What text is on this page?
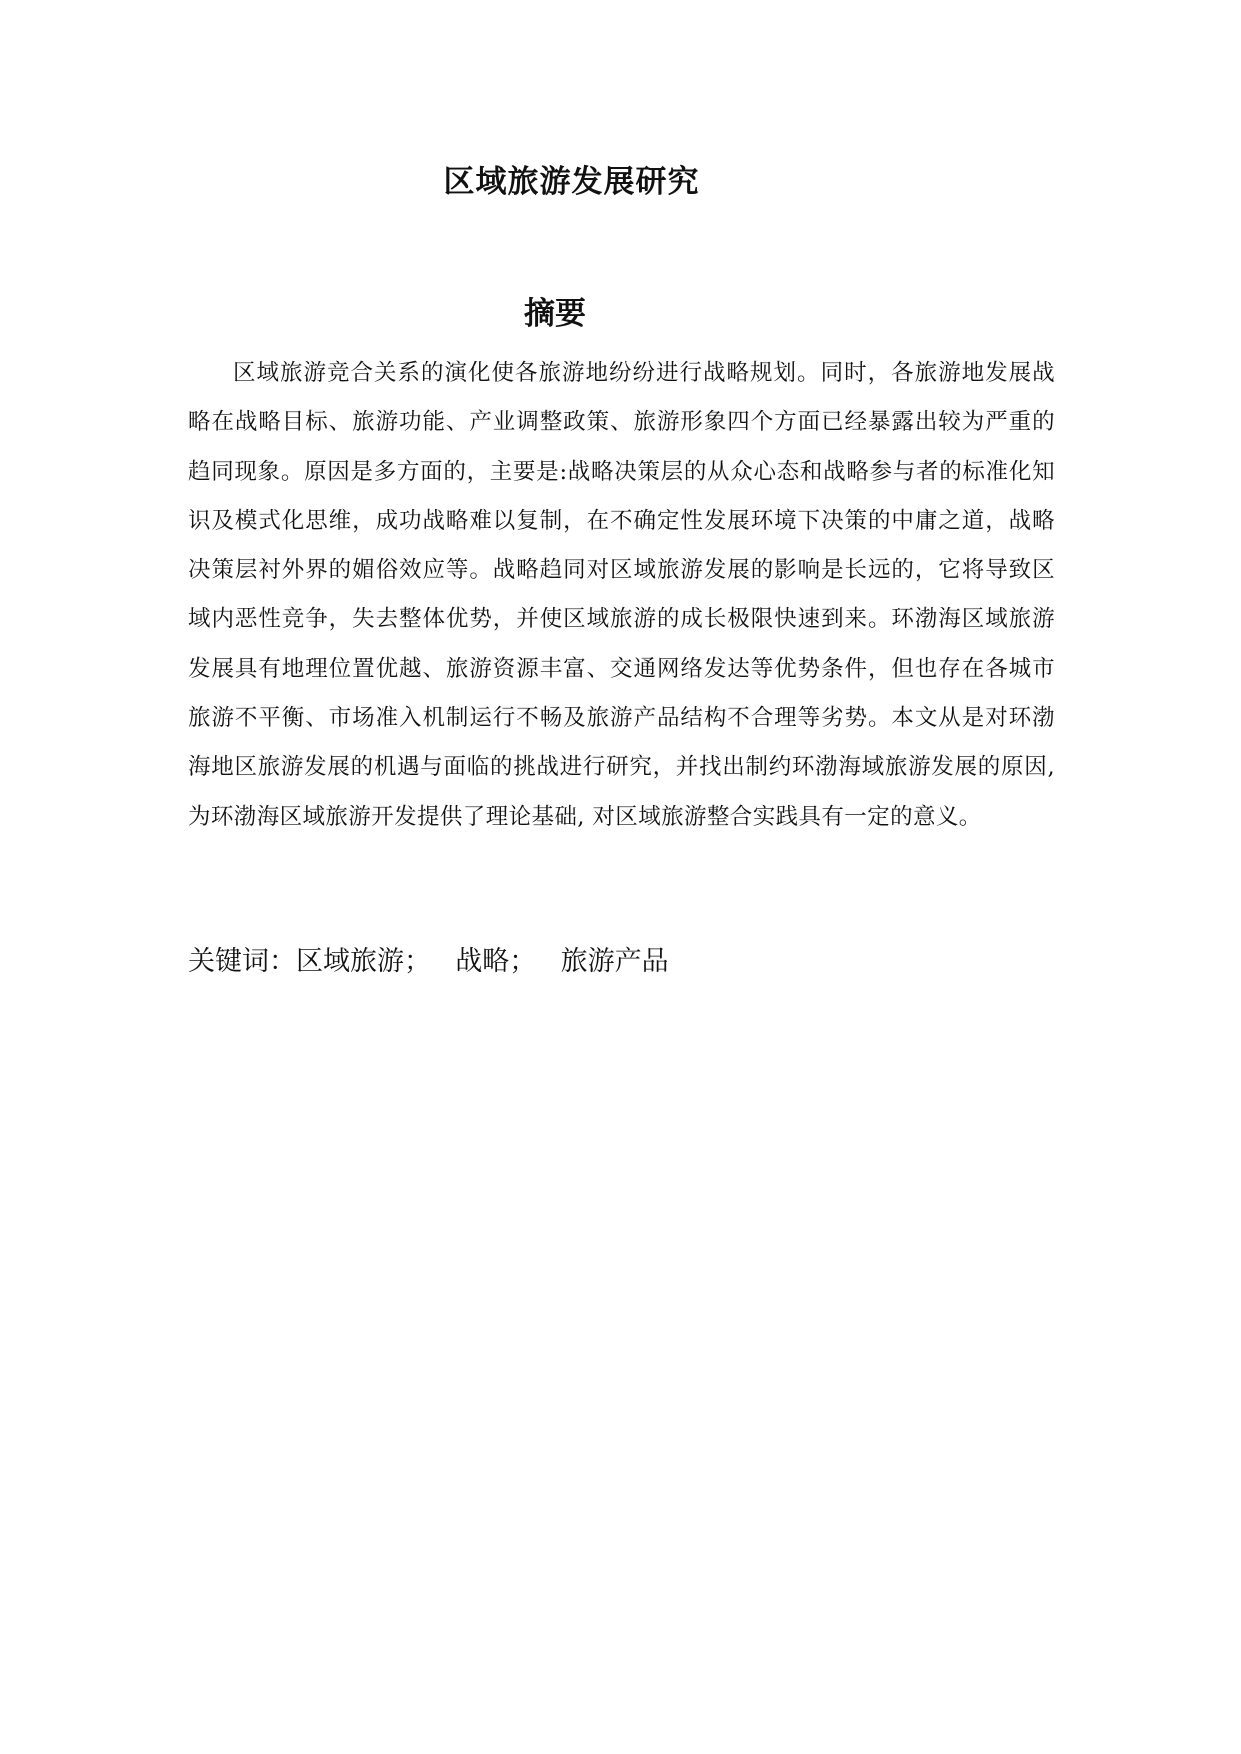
区域旅游发展研究
摘要

区域旅游竞合关系的演化使各旅游地纷纷进行战略规划。同时，各旅游地发展战略在战略目标、旅游功能、产业调整政策、旅游形象四个方面已经暴露出较为严重的趋同现象。原因是多方面的，主要是:战略决策层的从众心态和战略参与者的标准化知识及模式化思维，成功战略难以复制，在不确定性发展环境下决策的中庸之道，战略决策层衬外界的媚俗效应等。战略趋同对区域旅游发展的影响是长远的，它将导致区域内恶性竞争，失去整体优势，并使区域旅游的成长极限快速到来。环渤海区域旅游发展具有地理位置优越、旅游资源丰富、交通网络发达等优势条件，但也存在各城市旅游不平衡、市场准入机制运行不畅及旅游产品结构不合理等劣势。本文从是对环渤海地区旅游发展的机遇与面临的挑战进行研究，并找出制约环渤海域旅游发展的原因, 为环渤海区域旅游开发提供了理论基础, 对区域旅游整合实践具有一定的意义。

关键词：区域旅游； 战略； 旅游产品
